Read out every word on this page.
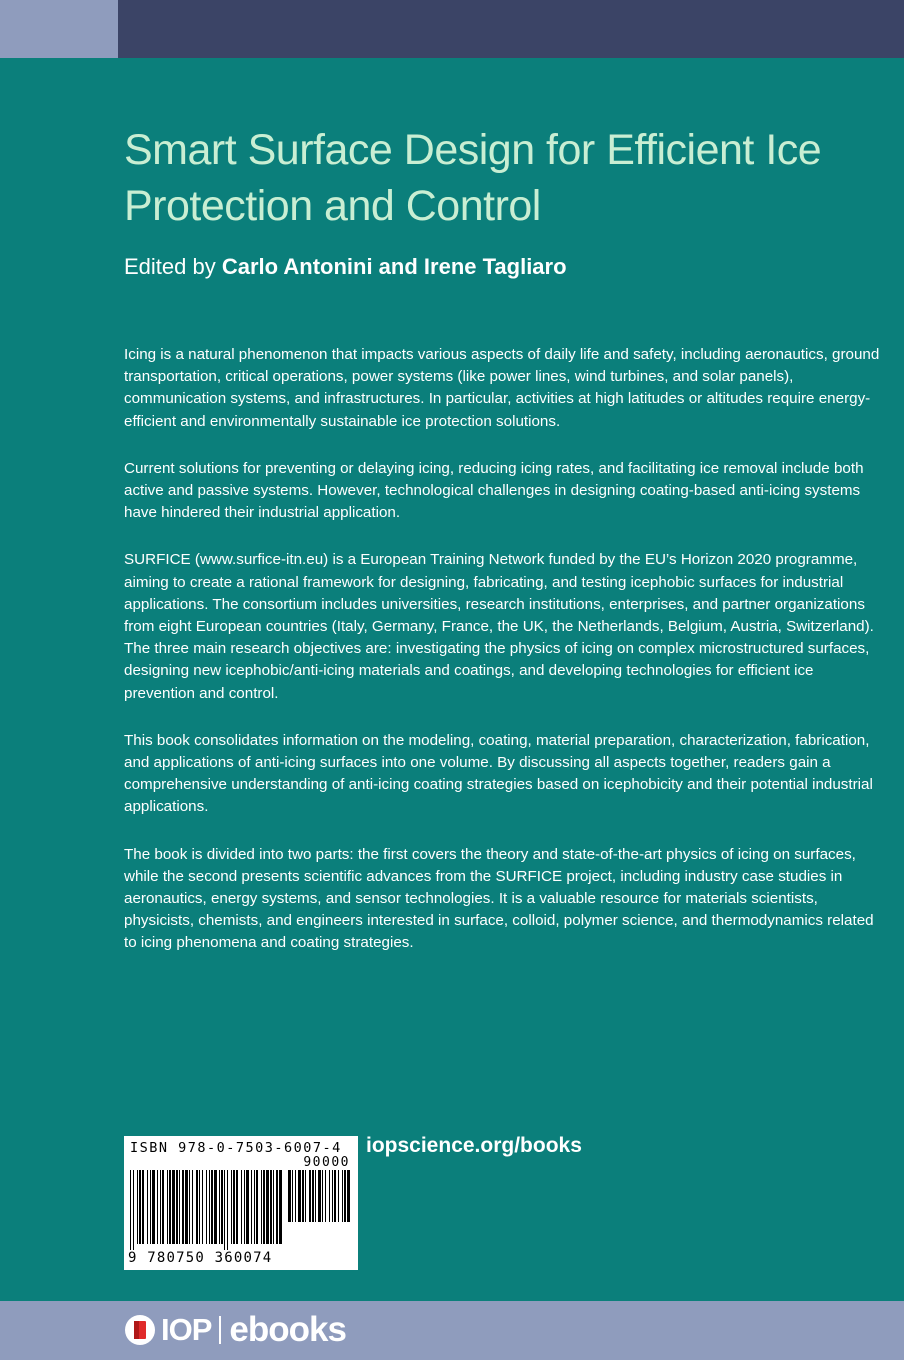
Smart Surface Design for Efficient Ice Protection and Control
Edited by Carlo Antonini and Irene Tagliaro

Icing is a natural phenomenon that impacts various aspects of daily life and safety, including aeronautics, ground transportation, critical operations, power systems (like power lines, wind turbines, and solar panels), communication systems, and infrastructures. In particular, activities at high latitudes or altitudes require energy-efficient and environmentally sustainable ice protection solutions.

Current solutions for preventing or delaying icing, reducing icing rates, and facilitating ice removal include both active and passive systems. However, technological challenges in designing coating-based anti-icing systems have hindered their industrial application.

SURFICE (www.surfice-itn.eu) is a European Training Network funded by the EU’s Horizon 2020 programme, aiming to create a rational framework for designing, fabricating, and testing icephobic surfaces for industrial applications. The consortium includes universities, research institutions, enterprises, and partner organizations from eight European countries (Italy, Germany, France, the UK, the Netherlands, Belgium, Austria, Switzerland). The three main research objectives are: investigating the physics of icing on complex microstructured surfaces, designing new icephobic/anti-icing materials and coatings, and developing technologies for efficient ice prevention and control.

This book consolidates information on the modeling, coating, material preparation, characterization, fabrication, and applications of anti-icing surfaces into one volume. By discussing all aspects together, readers gain a comprehensive understanding of anti-icing coating strategies based on icephobicity and their potential industrial applications.

The book is divided into two parts: the first covers the theory and state-of-the-art physics of icing on surfaces, while the second presents scientific advances from the SURFICE project, including industry case studies in aeronautics, energy systems, and sensor technologies. It is a valuable resource for materials scientists, physicists, chemists, and engineers interested in surface, colloid, polymer science, and thermodynamics related to icing phenomena and coating strategies.

ISBN 978-0-7503-6007-4
90000
9 780750 360074
iopscience.org/books
IOP ebooks
